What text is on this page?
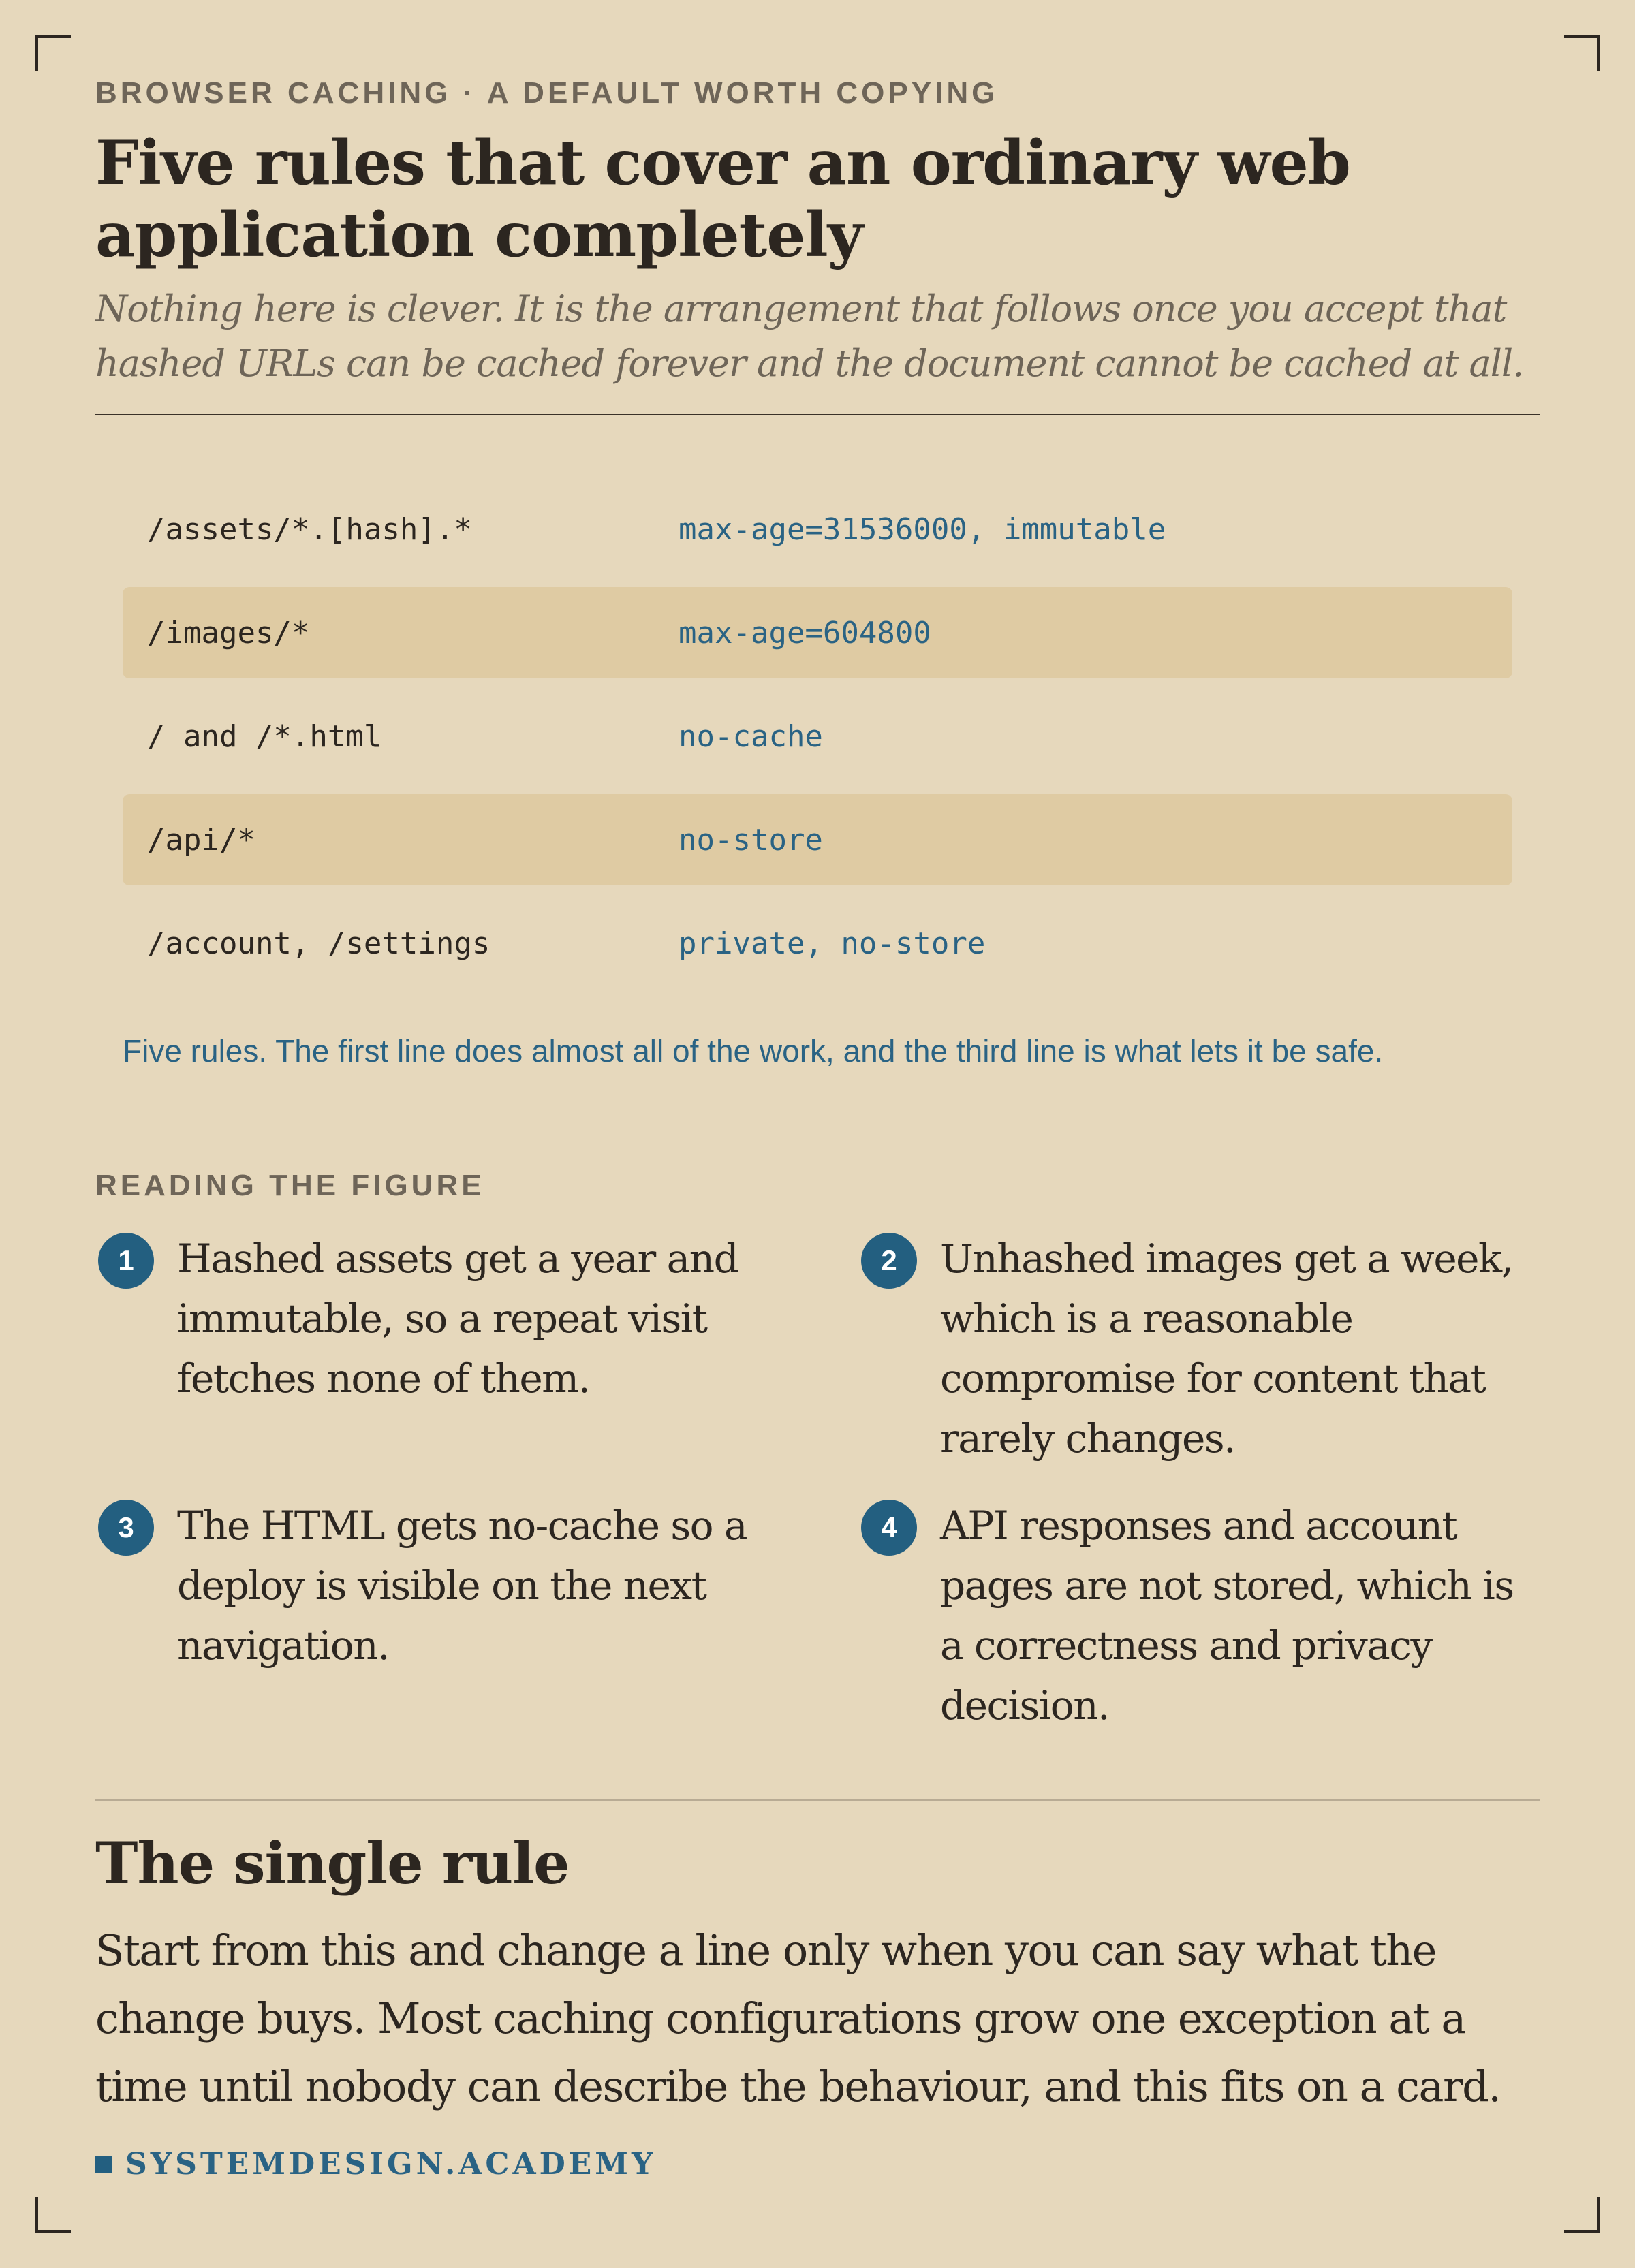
BROWSER CACHING · A DEFAULT WORTH COPYING
Five rules that cover an ordinary web application completely
Nothing here is clever. It is the arrangement that follows once you accept that hashed URLs can be cached forever and the document cannot be cached at all.
/assets/*.[hash].*	max-age=31536000, immutable
/images/*	max-age=604800
/ and /*.html	no-cache
/api/*	no-store
/account, /settings	private, no-store
Five rules. The first line does almost all of the work, and the third line is what lets it be safe.
READING THE FIGURE
1	Hashed assets get a year and immutable, so a repeat visit fetches none of them.
2	Unhashed images get a week, which is a reasonable compromise for content that rarely changes.
3	The HTML gets no-cache so a deploy is visible on the next navigation.
4	API responses and account pages are not stored, which is a correctness and privacy decision.
The single rule
Start from this and change a line only when you can say what the change buys. Most caching configurations grow one exception at a time until nobody can describe the behaviour, and this fits on a card.
SYSTEMDESIGN.ACADEMY
